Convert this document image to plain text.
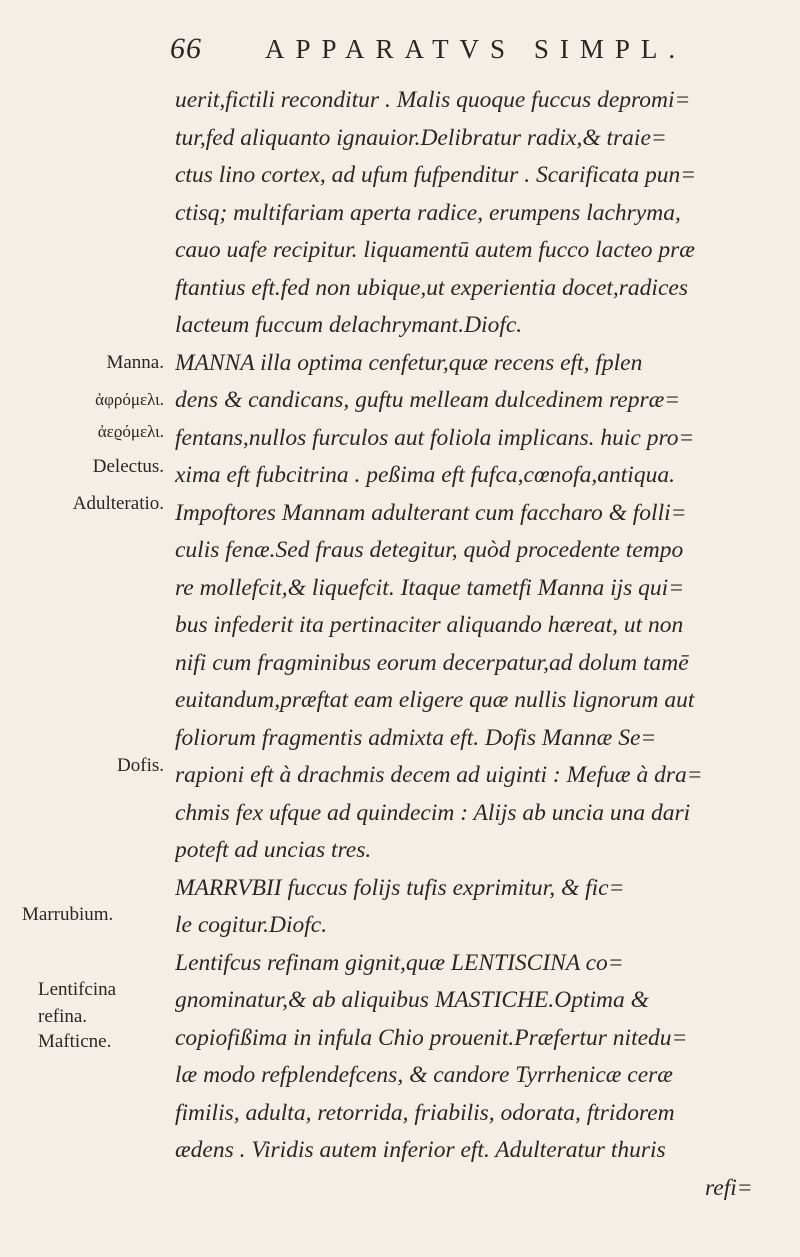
66 APPARATVS SIMPL.
uerit,fictili reconditur . Malis quoque fuccus depromi=
tur,fed aliquanto ignauior.Delibratur radix,& traie=
ctus lino cortex, ad ufum fufpenditur . Scarificata pun=
ctisq; multifariam aperta radice, erumpens lachryma,
cauo uafe recipitur. liquamentū autem fucco lacteo præ
ftantius eft.fed non ubique,ut experientia docet,radices
lacteum fuccum delachrymant.Diofc.
MANNA illa optima cenfetur,quæ recens eft, fplen
dens & candicans, guftu melleam dulcedinem repræ=
fentans,nullos furculos aut foliola implicans. huic pro=
xima eft fubcitrina . peßima eft fufca,cœnofa,antiqua.
Impoftores Mannam adulterant cum faccharo & folli=
culis fenæ.Sed fraus detegitur, quòd procedente tempo
re mollefcit,& liquefcit. Itaque tametfi Manna ijs qui=
bus infederit ita pertinaciter aliquando hæreat, ut non
nifi cum fragminibus eorum decerpatur,ad dolum tamē
euitandum,præftat eam eligere quæ nullis lignorum aut
foliorum fragmentis admixta eft. Dofis Mannæ Se=
rapioni eft à drachmis decem ad uiginti : Mefuæ à dra=
chmis fex ufque ad quindecim : Alijs ab uncia una dari
poteft ad uncias tres.
MARRVBII fuccus folijs tufis exprimitur, & fic=
le cogitur.Diofc.
Lentifcus refinam gignit,quæ LENTISCINA co=
gnominatur,& ab aliquibus MASTICHE.Optima &
copiofißima in infula Chio prouenit.Præfertur nitedu=
læ modo refplendefcens, & candore Tyrrhenicæ ceræ
fimilis, adulta, retorrida, friabilis, odorata, ftridorem
ædens . Viridis autem inferior eft. Adulteratur thuris
refi=
Manna.
ἀφρόμελι.
ἀεϱόμελι.
Delectus.
Adulteratio.
Dofis.
Marrubium.
Lentifcina
refina.
Mafticne.
